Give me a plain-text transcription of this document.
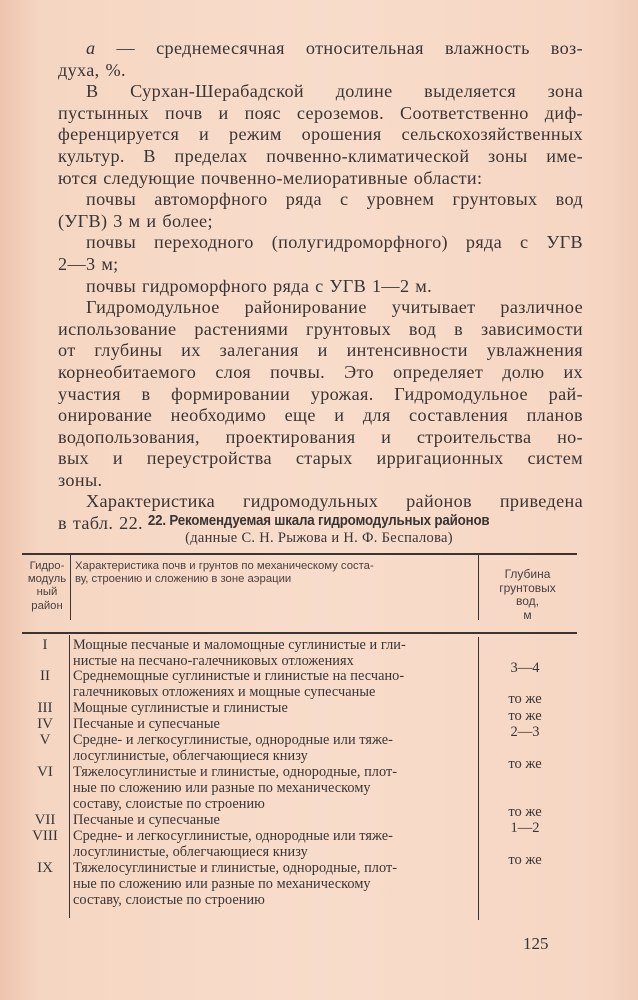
a — среднемесячная относительная влажность воз-
духа, %.
В Сурхан-Шерабадской долине выделяется зона
пустынных почв и пояс сероземов. Соответственно диф-
ференцируется и режим орошения сельскохозяйственных
культур. В пределах почвенно-климатической зоны име-
ются следующие почвенно-мелиоративные области:
почвы автоморфного ряда с уровнем грунтовых вод
(УГВ) 3 м и более;
почвы переходного (полугидроморфного) ряда с УГВ
2—3 м;
почвы гидроморфного ряда с УГВ 1—2 м.
Гидромодульное районирование учитывает различное
использование растениями грунтовых вод в зависимости
от глубины их залегания и интенсивности увлажнения
корнеобитаемого слоя почвы. Это определяет долю их
участия в формировании урожая. Гидромодульное рай-
онирование необходимо еще и для составления планов
водопользования, проектирования и строительства но-
вых и переустройства старых ирригационных систем
зоны.
Характеристика гидромодульных районов приведена
в табл. 22. 22. Рекомендуемая шкала гидромодульных районов
(данные С. Н. Рыжова и Н. Ф. Беспалова)
Гидро-
модуль
ный
район
Характеристика почв и грунтов по механическому соста-
ву, строению и сложению в зоне аэрации	Глубина
грунтовых
вод,
м
I
II
III
IV
V
VI
VII
VIII
IX
Мощные песчаные и маломощные суглинистые и гли-
нистые на песчано-галечниковых отложениях
Среднемощные суглинистые и глинистые на песчано-
галечниковых отложениях и мощные супесчаные
Мощные суглинистые и глинистые
Песчаные и супесчаные
Средне- и легкосуглинистые, однородные или тяже-
лосуглинистые, облегчающиеся книзу
Тяжелосуглинистые и глинистые, однородные, плот-
ные по сложению или разные по механическому
составу, слоистые по строению
Песчаные и супесчаные
Средне- и легкосуглинистые, однородные или тяже-
лосуглинистые, облегчающиеся книзу
Тяжелосуглинистые и глинистые, однородные, плот-
ные по сложению или разные по механическому
составу, слоистые по строению
3—4
то же
то же
2—3
то же
то же
1—2
то же
125
